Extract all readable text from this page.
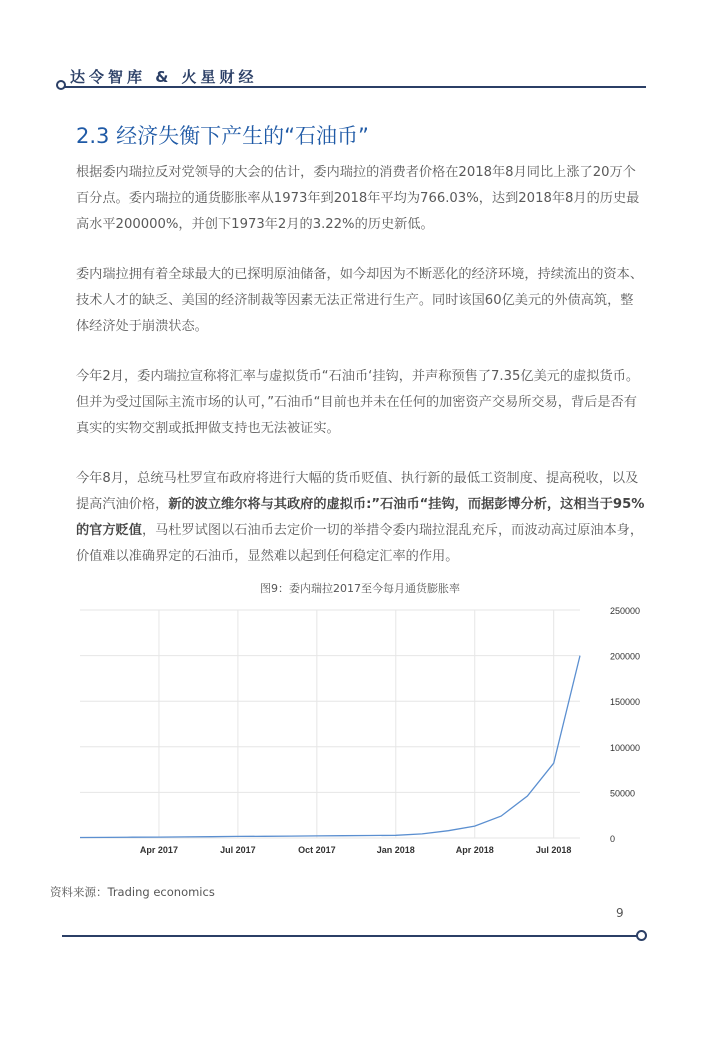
达令智库 & 火星财经
2.3 经济失衡下产生的“石油币”

根据委内瑞拉反对党领导的大会的估计，委内瑞拉的消费者价格在2018年8月同比上涨了20万个百分点。委内瑞拉的通货膨胀率从1973年到2018年平均为766.03%，达到2018年8月的历史最高水平200000%，并创下1973年2月的3.22%的历史新低。

委内瑞拉拥有着全球最大的已探明原油储备，如今却因为不断恶化的经济环境，持续流出的资本、技术人才的缺乏、美国的经济制裁等因素无法正常进行生产。同时该国60亿美元的外债高筑，整体经济处于崩溃状态。

今年2月，委内瑞拉宣称将汇率与虚拟货币“石油币‘挂钩，并声称预售了7.35亿美元的虚拟货币。但并为受过国际主流市场的认可，”石油币“目前也并未在任何的加密资产交易所交易，背后是否有真实的实物交割或抵押做支持也无法被证实。

今年8月，总统马杜罗宣布政府将进行大幅的货币贬值、执行新的最低工资制度、提高税收，以及提高汽油价格，新的波立维尔将与其政府的虚拟币:”石油币“挂钩，而据彭博分析，这相当于95%的官方贬值，马杜罗试图以石油币去定价一切的举措令委内瑞拉混乱充斥，而波动高过原油本身，价值难以准确界定的石油币，显然难以起到任何稳定汇率的作用。

图9：委内瑞拉2017至今每月通货膨胀率
250000
200000
150000
100000
50000
0
Apr 2017	Jul 2017	Oct 2017	Jan 2018	Apr 2018	Jul 2018
资料来源：Trading economics
9
